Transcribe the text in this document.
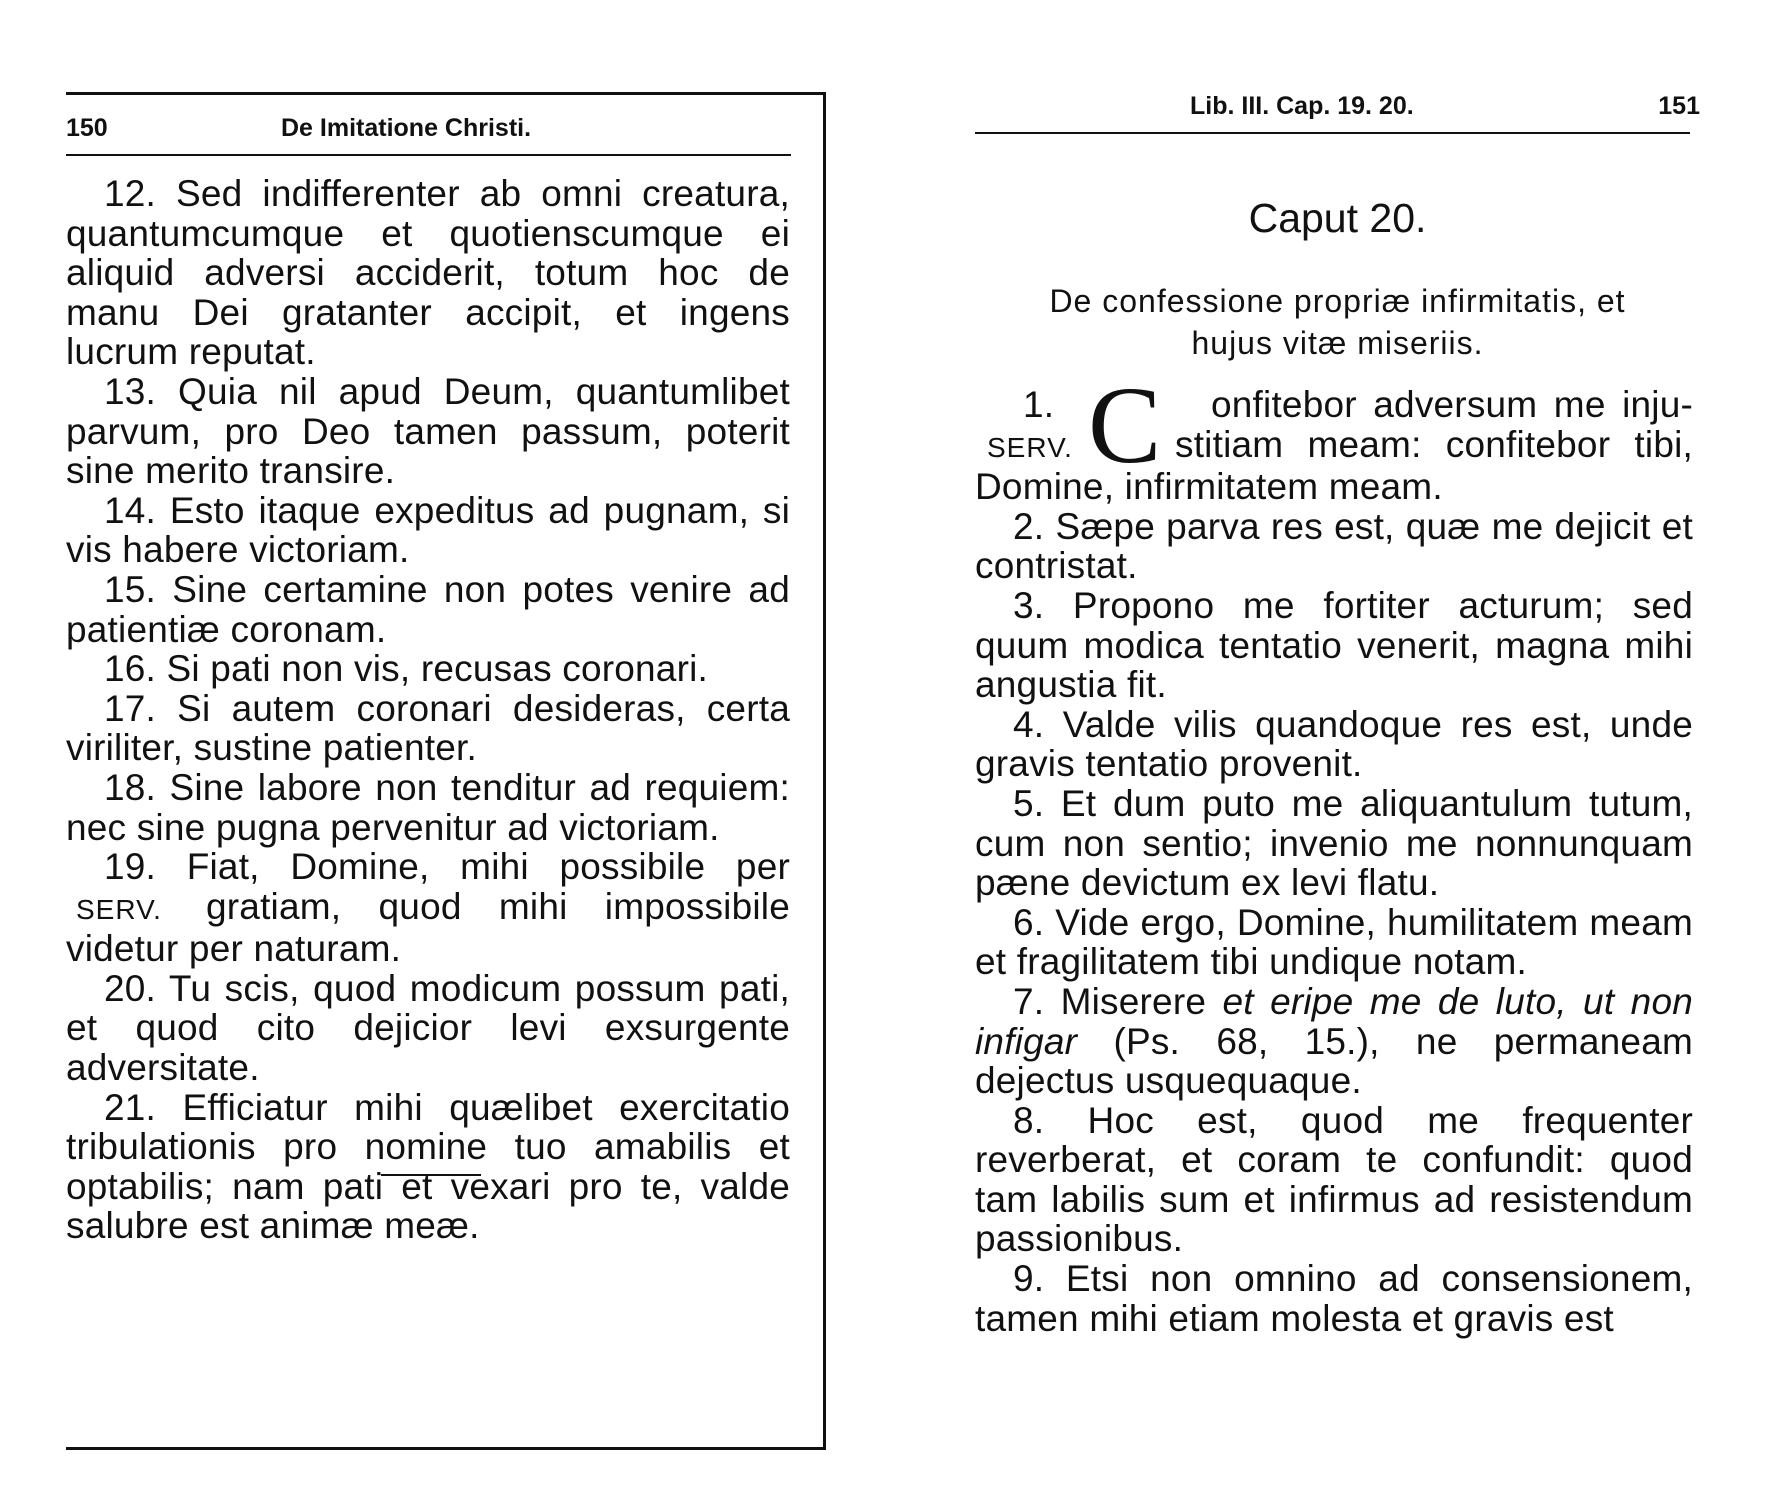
150	De Imitatione Christi.

12. Sed indifferenter ab omni creatura, quantumcumque et quotienscumque ei aliquid adversi acciderit, totum hoc de manu Dei gratanter accipit, et ingens lucrum reputat.

13. Quia nil apud Deum, quantumlibet parvum, pro Deo tamen passum, poterit sine merito transire.

14. Esto itaque expeditus ad pugnam, si vis habere victoriam.

15. Sine certamine non potes venire ad patientiæ coronam.

16. Si pati non vis, recusas coronari.

17. Si autem coronari desideras, certa viriliter, sustine patienter.

18. Sine labore non tenditur ad requiem: nec sine pugna pervenitur ad victoriam.

19. Fiat, Domine, mihi possibile per
SERV.	gratiam, quod mihi impossibile
videtur per naturam.

20. Tu scis, quod modicum possum pati, et quod cito dejicior levi exsurgente adversitate.

21. Efficiatur mihi quælibet exercitatio tribulationis pro nomine tuo amabilis et optabilis; nam pati et vexari pro te, valde salubre est animæ meæ.

Lib. III. Cap. 19. 20.	151
Caput 20.
De confessione propriæ infirmitatis, et
hujus vitæ miseriis.
C
1.	onfitebor adversum me inju-
SERV.	stitiam meam: confitebor tibi,
Domine, infirmitatem meam.

2. Sæpe parva res est, quæ me dejicit et contristat.

3. Propono me fortiter acturum; sed quum modica tentatio venerit, magna mihi angustia fit.

4. Valde vilis quandoque res est, unde gravis tentatio provenit.

5. Et dum puto me aliquantulum tutum, cum non sentio; invenio me nonnunquam pæne devictum ex levi flatu.

6. Vide ergo, Domine, humilitatem meam et fragilitatem tibi undique notam.

7. Miserere et eripe me de luto, ut non infigar (Ps. 68, 15.), ne permaneam dejectus usquequaque.

8. Hoc est, quod me frequenter reverberat, et coram te confundit: quod tam labilis sum et infirmus ad resistendum passionibus.

9. Etsi non omnino ad consensionem, tamen mihi etiam molesta et gravis est
